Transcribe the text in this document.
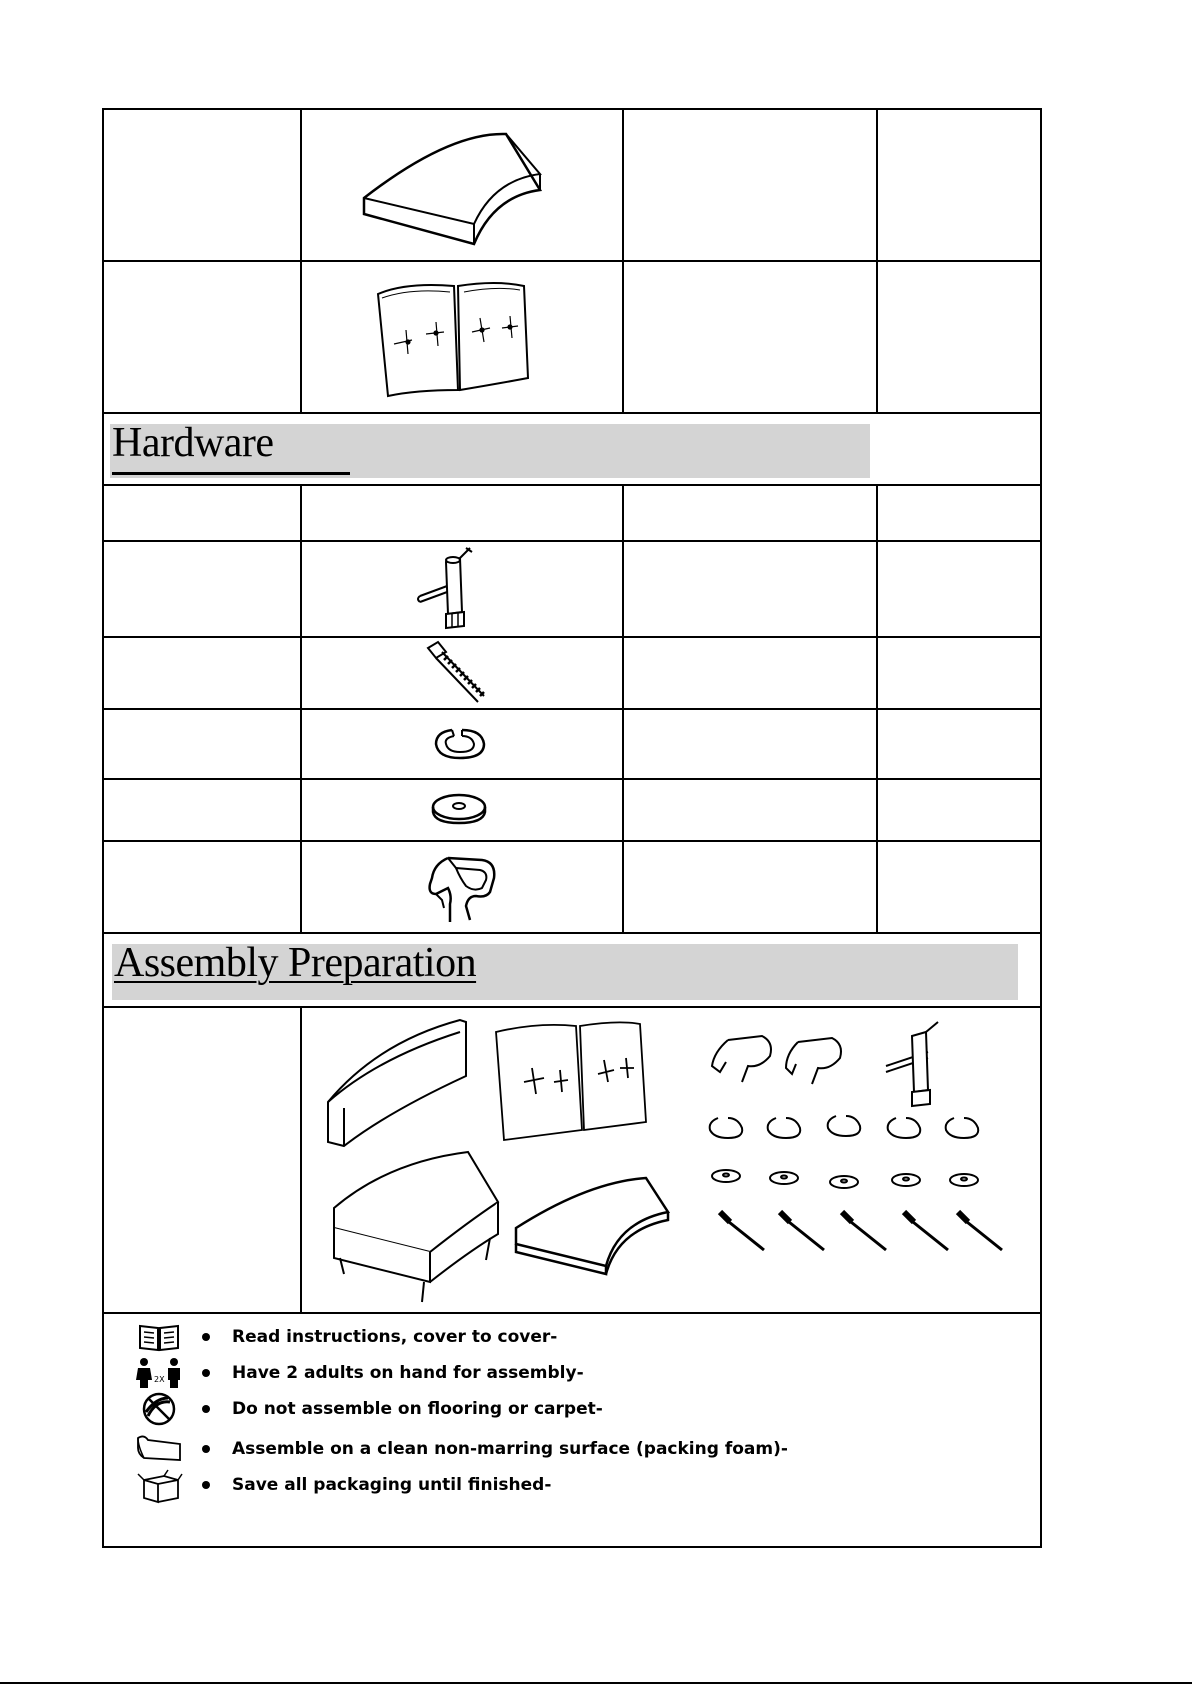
Hardware
Assembly Preparation
Read instructions, cover to cover-
2X	Have 2 adults on hand for assembly-
Do not assemble on flooring or carpet-
Assemble on a clean non-marring surface (packing foam)-
Save all packaging until finished-
